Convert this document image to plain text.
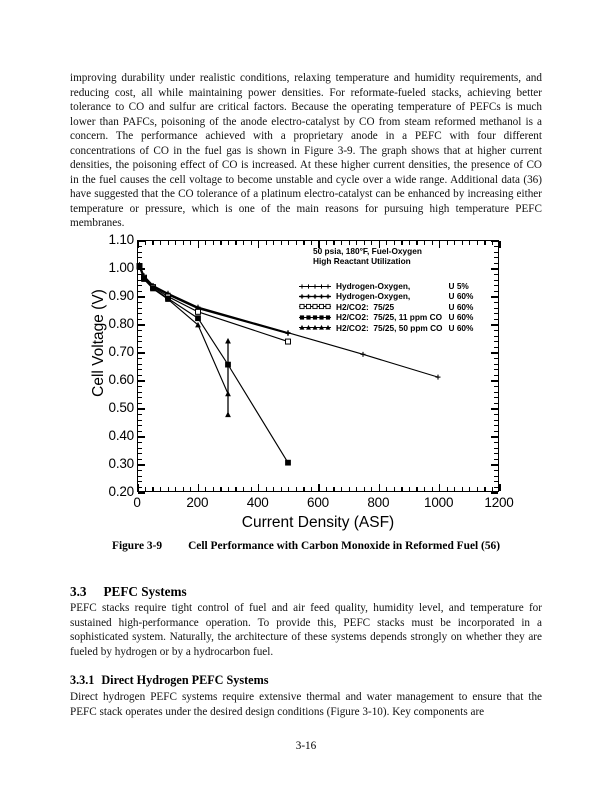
improving durability under realistic conditions, relaxing temperature and humidity requirements, and reducing cost, all while maintaining power densities. For reformate-fueled stacks, achieving better tolerance to CO and sulfur are critical factors. Because the operating temperature of PEFCs is much lower than PAFCs, poisoning of the anode electro-catalyst by CO from steam reformed methanol is a concern. The performance achieved with a proprietary anode in a PEFC with four different concentrations of CO in the fuel gas is shown in Figure 3-9. The graph shows that at higher current densities, the poisoning effect of CO is increased. At these higher current densities, the presence of CO in the fuel causes the cell voltage to become unstable and cycle over a wide range. Additional data (36) have suggested that the CO tolerance of a platinum electro-catalyst can be enhanced by increasing either temperature or pressure, which is one of the main reasons for pursuing high temperature PEFC membranes.
0.20
0.30
0.40
0.50
0.60
0.70
0.80
0.90
1.00
1.10
Cell Voltage (V)
50 psia, 180°F, Fuel-Oxygen
High Reactant Utilization
Hydrogen-Oxygen,	U 5%
Hydrogen-Oxygen,	U 60%
H2/CO2: 75/25	U 60%
H2/CO2: 75/25, 11 ppm CO U 60%
H2/CO2: 75/25, 50 ppm CO U 60%
0	200	400	600	800	1000 1200
Current Density (ASF)
Figure 3-9 Cell Performance with Carbon Monoxide in Reformed Fuel (56)
3.3 PEFC Systems
PEFC stacks require tight control of fuel and air feed quality, humidity level, and temperature for sustained high-performance operation. To provide this, PEFC stacks must be incorporated in a sophisticated system. Naturally, the architecture of these systems depends strongly on whether they are fueled by hydrogen or by a hydrocarbon fuel.
3.3.1 Direct Hydrogen PEFC Systems
Direct hydrogen PEFC systems require extensive thermal and water management to ensure that the PEFC stack operates under the desired design conditions (Figure 3-10). Key components are
3-16
